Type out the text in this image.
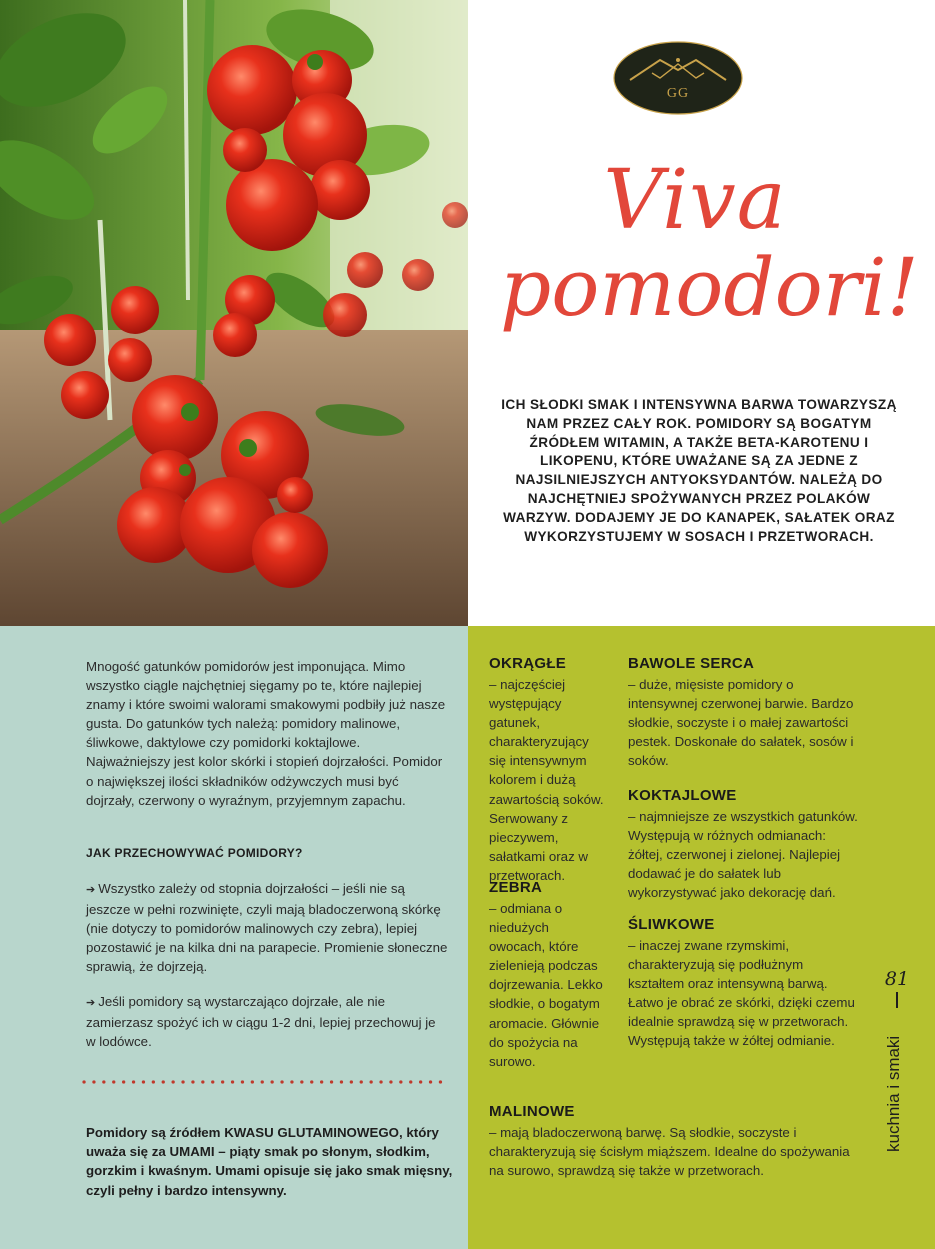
GG
Viva
pomodori!
ICH SŁODKI SMAK I INTENSYWNA BARWA TOWARZYSZĄ NAM PRZEZ CAŁY ROK. POMIDORY SĄ BOGATYM ŹRÓDŁEM WITAMIN, A TAKŻE BETA-KAROTENU I LIKOPENU, KTÓRE UWAŻANE SĄ ZA JEDNE Z NAJSILNIEJSZYCH ANTYOKSYDANTÓW. NALEŻĄ DO NAJCHĘTNIEJ SPOŻYWANYCH PRZEZ POLAKÓW WARZYW. DODAJEMY JE DO KANAPEK, SAŁATEK ORAZ WYKORZYSTUJEMY W SOSACH I PRZETWORACH.
Mnogość gatunków pomidorów jest imponująca. Mimo wszystko ciągle najchętniej sięgamy po te, które najlepiej znamy i które swoimi walorami smakowymi podbiły już nasze gusta. Do gatunków tych należą: pomidory malinowe, śliwkowe, daktylowe czy pomidorki koktajlowe. Najważniejszy jest kolor skórki i stopień dojrzałości. Pomidor o największej ilości składników odżywczych musi być dojrzały, czerwony o wyraźnym, przyjemnym zapachu.
JAK PRZECHOWYWAĆ POMIDORY?
➔ Wszystko zależy od stopnia dojrzałości – jeśli nie są jeszcze w pełni rozwinięte, czyli mają bladoczerwoną skórkę (nie dotyczy to pomidorów malinowych czy zebra), lepiej pozostawić je na kilka dni na parapecie. Promienie słoneczne sprawią, że dojrzeją.
➔ Jeśli pomidory są wystarczająco dojrzałe, ale nie zamierzasz spożyć ich w ciągu 1-2 dni, lepiej przechowuj je w lodówce.
Pomidory są źródłem KWASU GLUTAMINOWEGO, który uważa się za UMAMI – piąty smak po słonym, słodkim, gorzkim i kwaśnym. Umami opisuje się jako smak mięsny, czyli pełny i bardzo intensywny.
OKRĄGŁE
– najczęściej występujący gatunek, charakteryzujący się intensywnym kolorem i dużą zawartością soków. Serwowany z pieczywem, sałatkami oraz w przetworach.
ZEBRA
– odmiana o niedużych owocach, które zielenieją podczas dojrzewania. Lekko słodkie, o bogatym aromacie. Głównie do spożycia na surowo.
BAWOLE SERCA
– duże, mięsiste pomidory o intensywnej czerwonej barwie. Bardzo słodkie, soczyste i o małej zawartości pestek. Doskonałe do sałatek, sosów i soków.
KOKTAJLOWE
– najmniejsze ze wszystkich gatunków. Występują w różnych odmianach: żółtej, czerwonej i zielonej. Najlepiej dodawać je do sałatek lub wykorzystywać jako dekorację dań.
ŚLIWKOWE
– inaczej zwane rzymskimi, charakteryzują się podłużnym kształtem oraz intensywną barwą. Łatwo je obrać ze skórki, dzięki czemu idealnie sprawdzą się w przetworach. Występują także w żółtej odmianie.
MALINOWE
– mają bladoczerwoną barwę. Są słodkie, soczyste i charakteryzują się ścisłym miąższem. Idealne do spożywania na surowo, sprawdzą się także w przetworach.
81
kuchnia i smaki
